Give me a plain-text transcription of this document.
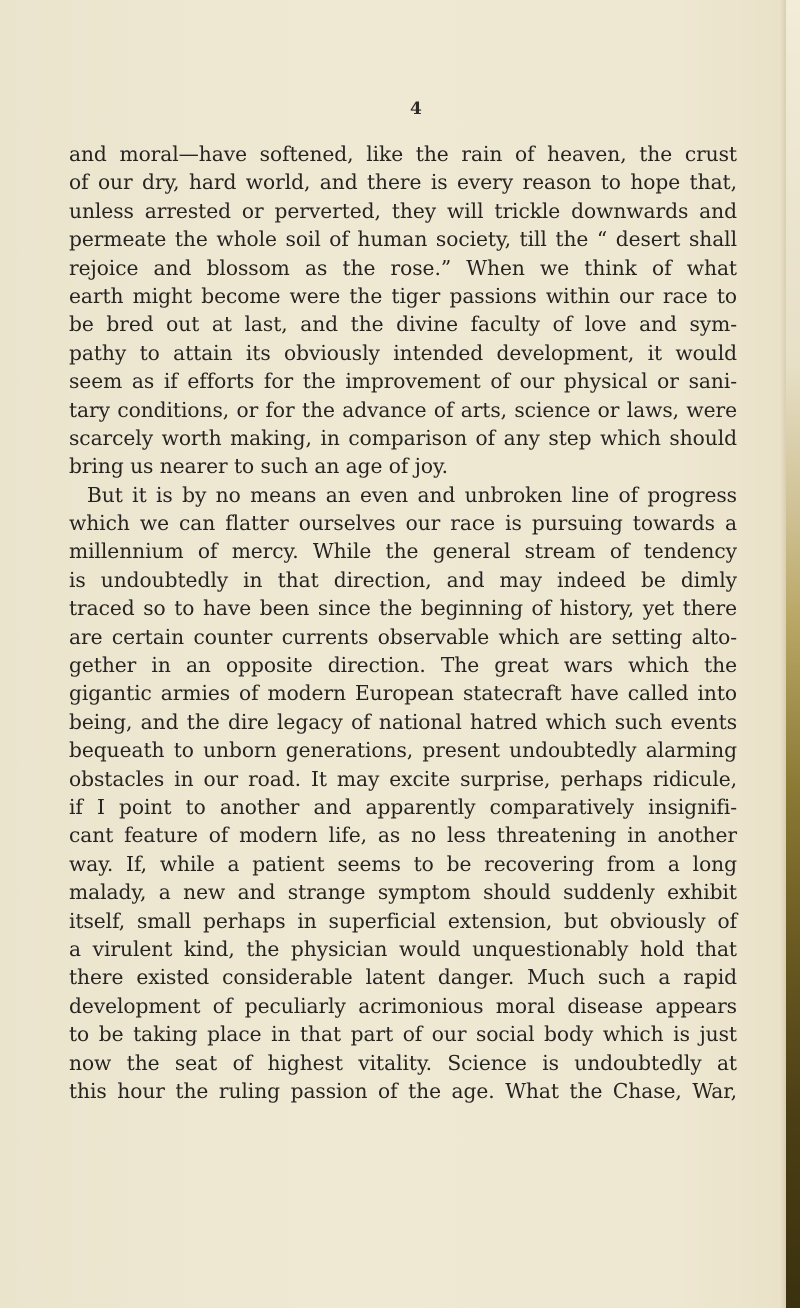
4
and moral—have softened, like the rain of heaven, the crust
of our dry, hard world, and there is every reason to hope that,
unless arrested or perverted, they will trickle downwards and
permeate the whole soil of human society, till the “ desert shall
rejoice and blossom as the rose.” When we think of what
earth might become were the tiger passions within our race to
be bred out at last, and the divine faculty of love and sym-
pathy to attain its obviously intended development, it would
seem as if efforts for the improvement of our physical or sani-
tary conditions, or for the advance of arts, science or laws, were
scarcely worth making, in comparison of any step which should
bring us nearer to such an age of joy.
But it is by no means an even and unbroken line of progress
which we can flatter ourselves our race is pursuing towards a
millennium of mercy. While the general stream of tendency
is undoubtedly in that direction, and may indeed be dimly
traced so to have been since the beginning of history, yet there
are certain counter currents observable which are setting alto-
gether in an opposite direction. The great wars which the
gigantic armies of modern European statecraft have called into
being, and the dire legacy of national hatred which such events
bequeath to unborn generations, present undoubtedly alarming
obstacles in our road. It may excite surprise, perhaps ridicule,
if I point to another and apparently comparatively insignifi-
cant feature of modern life, as no less threatening in another
way. If, while a patient seems to be recovering from a long
malady, a new and strange symptom should suddenly exhibit
itself, small perhaps in superficial extension, but obviously of
a virulent kind, the physician would unquestionably hold that
there existed considerable latent danger. Much such a rapid
development of peculiarly acrimonious moral disease appears
to be taking place in that part of our social body which is just
now the seat of highest vitality. Science is undoubtedly at
this hour the ruling passion of the age. What the Chase, War,
